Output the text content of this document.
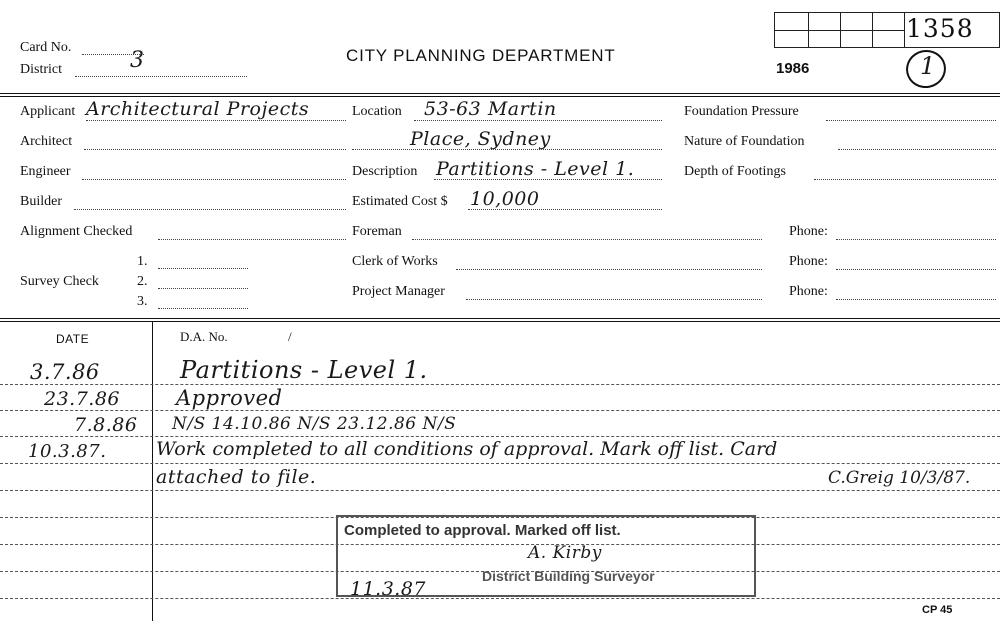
Card No.
District	3	CITY PLANNING DEPARTMENT
1986
1358
1
Applicant Architectural Projects
Architect
Engineer
Builder
Alignment Checked
Survey Check
1.
2.
3.
Location 53-63 Martin
Place, Sydney
Description Partitions - Level 1.
Estimated Cost $ 10,000
Foreman
Clerk of Works
Project Manager
Foundation Pressure
Nature of Foundation
Depth of Footings
Phone:
Phone:
Phone:
DATE	D.A. No.	/
3.7.86	Partitions - Level 1.
23.7.86	Approved
7.8.86 N/S 14.10.86 N/S 23.12.86 N/S
10.3.87.	Work completed to all conditions of approval. Mark off list. Card
attached to file.	C.Greig 10/3/87.
Completed to approval. Marked off list.
A. Kirby
District Building Surveyor
11.3.87
CP 45
